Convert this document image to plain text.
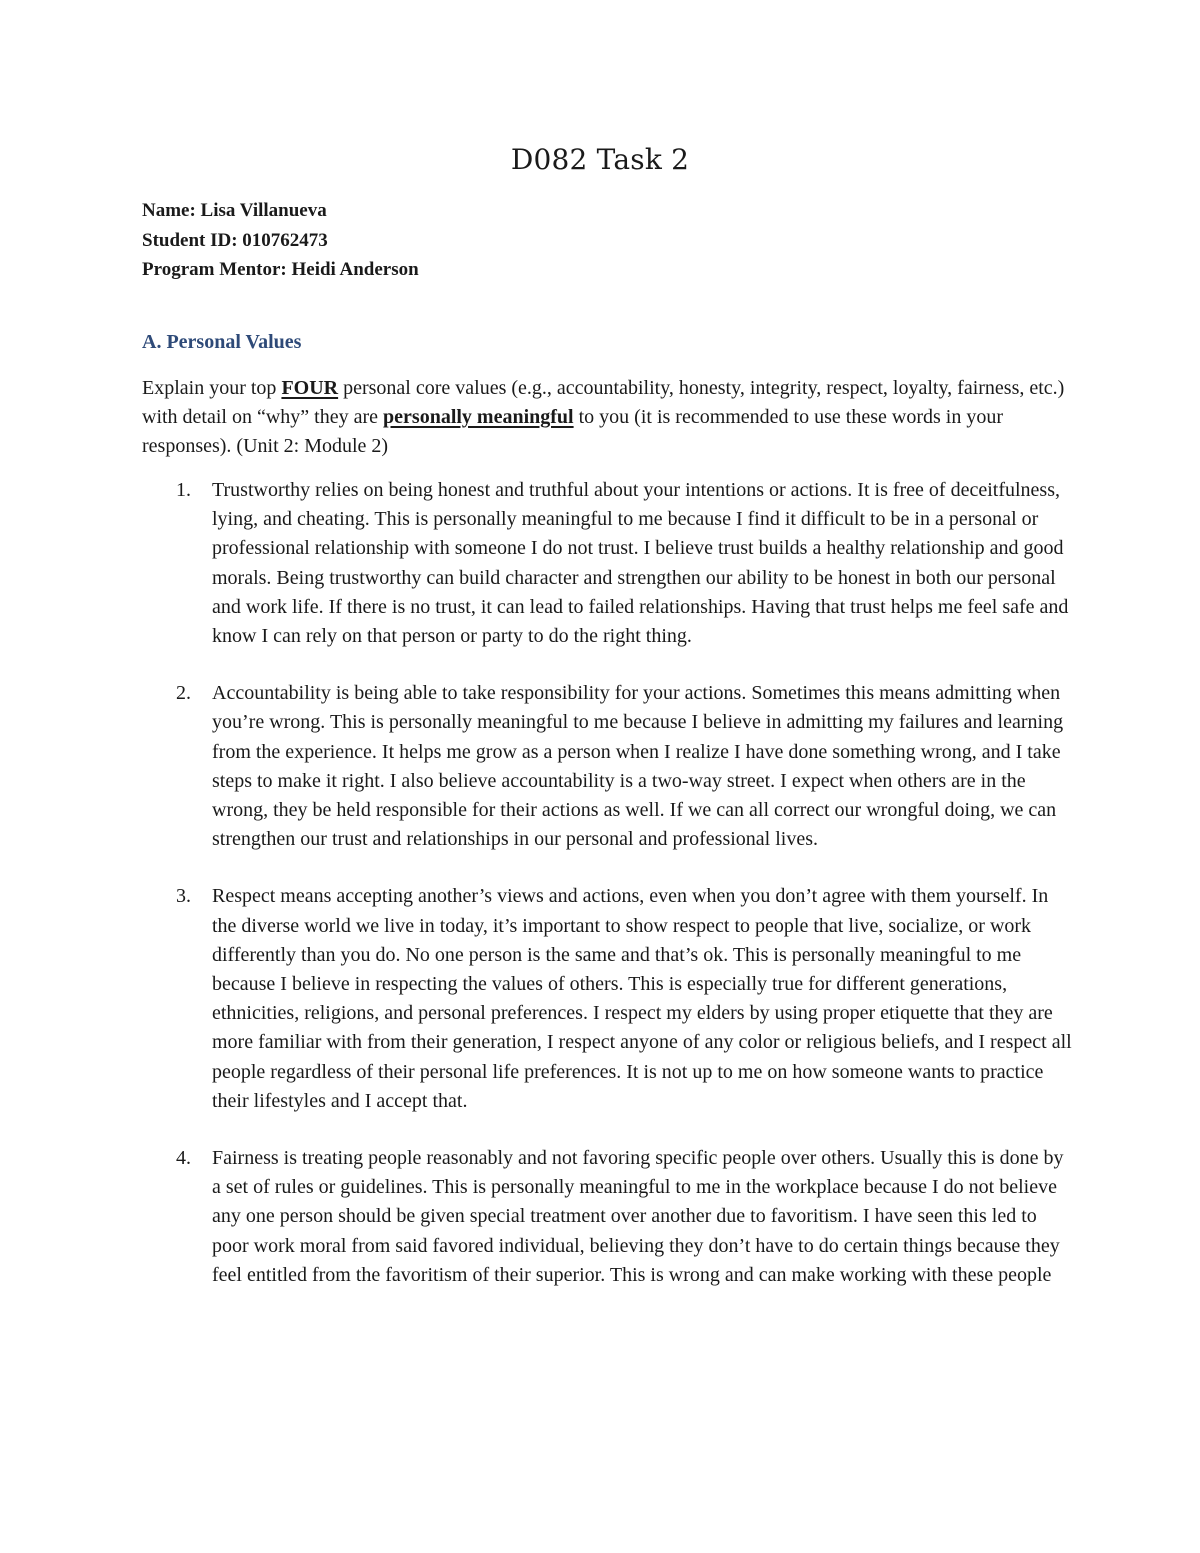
D082 Task 2
Name: Lisa Villanueva
Student ID: 010762473
Program Mentor: Heidi Anderson
A. Personal Values

Explain your top FOUR personal core values (e.g., accountability, honesty, integrity, respect, loyalty, fairness, etc.) with detail on “why” they are personally meaningful to you (it is recommended to use these words in your responses). (Unit 2: Module 2)

1. Trustworthy relies on being honest and truthful about your intentions or actions. It is free of deceitfulness, lying, and cheating. This is personally meaningful to me because I find it difficult to be in a personal or professional relationship with someone I do not trust. I believe trust builds a healthy relationship and good morals. Being trustworthy can build character and strengthen our ability to be honest in both our personal and work life. If there is no trust, it can lead to failed relationships. Having that trust helps me feel safe and know I can rely on that person or party to do the right thing.
2. Accountability is being able to take responsibility for your actions. Sometimes this means admitting when you’re wrong. This is personally meaningful to me because I believe in admitting my failures and learning from the experience. It helps me grow as a person when I realize I have done something wrong, and I take steps to make it right. I also believe accountability is a two-way street. I expect when others are in the wrong, they be held responsible for their actions as well. If we can all correct our wrongful doing, we can strengthen our trust and relationships in our personal and professional lives.
3. Respect means accepting another’s views and actions, even when you don’t agree with them yourself. In the diverse world we live in today, it’s important to show respect to people that live, socialize, or work differently than you do. No one person is the same and that’s ok. This is personally meaningful to me because I believe in respecting the values of others. This is especially true for different generations, ethnicities, religions, and personal preferences. I respect my elders by using proper etiquette that they are more familiar with from their generation, I respect anyone of any color or religious beliefs, and I respect all people regardless of their personal life preferences. It is not up to me on how someone wants to practice their lifestyles and I accept that.
4. Fairness is treating people reasonably and not favoring specific people over others. Usually this is done by a set of rules or guidelines. This is personally meaningful to me in the workplace because I do not believe any one person should be given special treatment over another due to favoritism. I have seen this led to poor work moral from said favored individual, believing they don’t have to do certain things because they feel entitled from the favoritism of their superior. This is wrong and can make working with these people
